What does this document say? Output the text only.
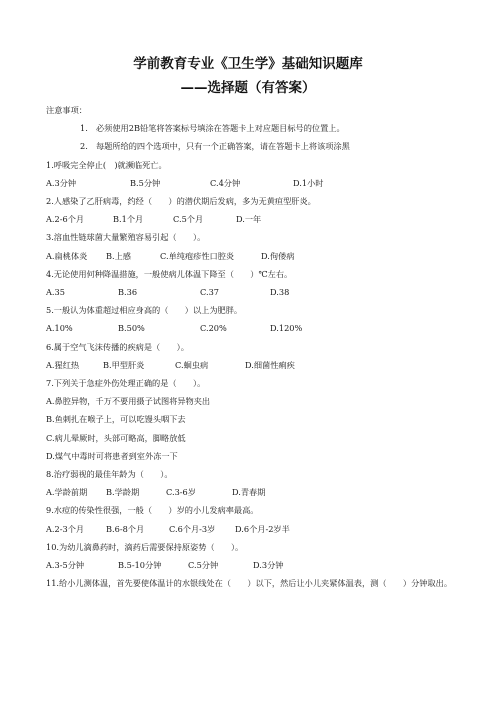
学前教育专业《卫生学》基础知识题库
——选择题（有答案）
注意事项：
1.　必须使用2B铅笔将答案标号填涂在答题卡上对应题目标号的位置上。
2.　每题所给的四个选项中，只有一个正确答案，请在答题卡上将该项涂黑
1.呼吸完全停止(　)就濒临死亡。
A.3分钟	B.5分钟	C.4分钟	D.1小时
2.人感染了乙肝病毒，约经（　　）的潜伏期后发病，多为无黄疸型肝炎。
A.2-6个月	B.1个月	C.5个月	D.一年
3.溶血性链球菌大量繁殖容易引起（　　）。
A.扁桃体炎	B.上感	C.单纯疱疹性口腔炎	D.佝偻病
4.无论使用何种降温措施，一般使病儿体温下降至（　　）℃左右。
A.35	B.36	C.37	D.38
5.一般认为体重超过相应身高的（　　）以上为肥胖。
A.10%	B.50%	C.20%	D.120%
6.属于空气飞沫传播的疾病是（　　）。
A.猩红热	B.甲型肝炎	C.蛔虫病	D.细菌性痢疾
7.下列关于急症外伤处理正确的是（　　）。
A.鼻腔异物，千万不要用摄子试图将异物夹出
B.鱼刺扎在喉子上，可以吃馒头咽下去
C.病儿晕厥时，头部可略高，脚略放低
D.煤气中毒时可将患者到室外冻一下
8.治疗弱视的最佳年龄为（　　）。
A.学龄前期	B.学龄期	C.3-6岁	D.青春期
9.水痘的传染性很强，一般（　　）岁的小儿发病率最高。
A.2-3个月	B.6-8个月	C.6个月-3岁	D.6个月-2岁半
10.为幼儿滴鼻药时，滴药后需要保持原姿势（　　）。
A.3-5分钟	B.5-10分钟	C.5分钟	D.3分钟
11.给小儿测体温，首先要使体温计的水银线处在（　　）以下，然后让小儿夹紧体温表，测（　　）分钟取出。
